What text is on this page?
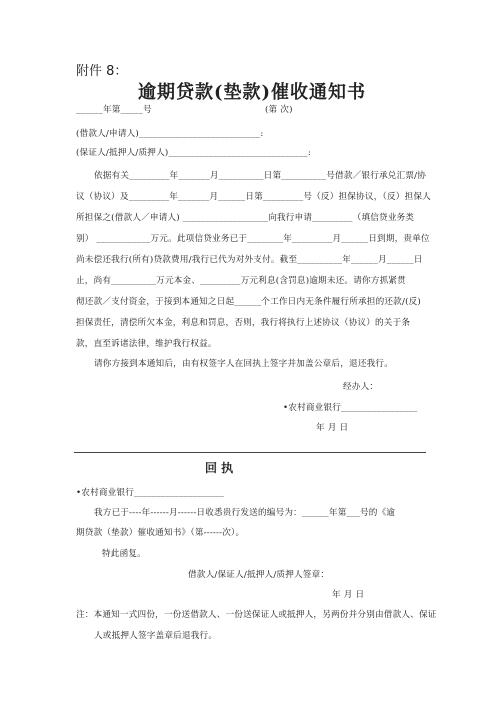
附件 8：
逾期贷款(垫款)催收通知书
______年第_____号	(第 次)
(借款人/申请人)___________________________:
(保证人/抵押人/质押人)_______________________________:
依据有关_________年_______月__________日第__________号借款／银行承兑汇票/协
议（协议）及_________年_______月______日第_________号（反）担保协议，（反）担保人
所担保之(借款人／申请人) ___________________向我行申请_________（填信贷业务类
别） ____________万元。此项信贷业务已于________年_________月______日到期，贵单位
尚未偿还我行(所有)贷款费用/我行已代为对外支付。截至__________年______月______日
止，尚有__________万元本金、_________万元利息(含罚息)逾期未还。请你方抓紧贯
彻还款／支付资金，于接到本通知之日起______个工作日内无条件履行所承担的还款/(反)
担保责任，清偿所欠本金，利息和罚息，否则，我行将执行上述协议（协议）的关于条
款，直至诉诸法律，维护我行权益。
请你方接到本通知后，由有权签字人在回执上签字并加盖公章后，退还我行。
经办人：
•农村商业银行_________________
年 月 日
回 执
•农村商业银行____________________
我方已于----年------月------日收悉贵行发送的编号为：______年第___号的《逾
期贷款（垫款）催收通知书》（第------次）。
特此函复。
借款人/保证人/抵押人/质押人签章：
年 月 日
注：本通知一式四份，一份送借款人、一份送保证人或抵押人，另两份并分别由借款人、保证
人或抵押人签字盖章后退我行。
